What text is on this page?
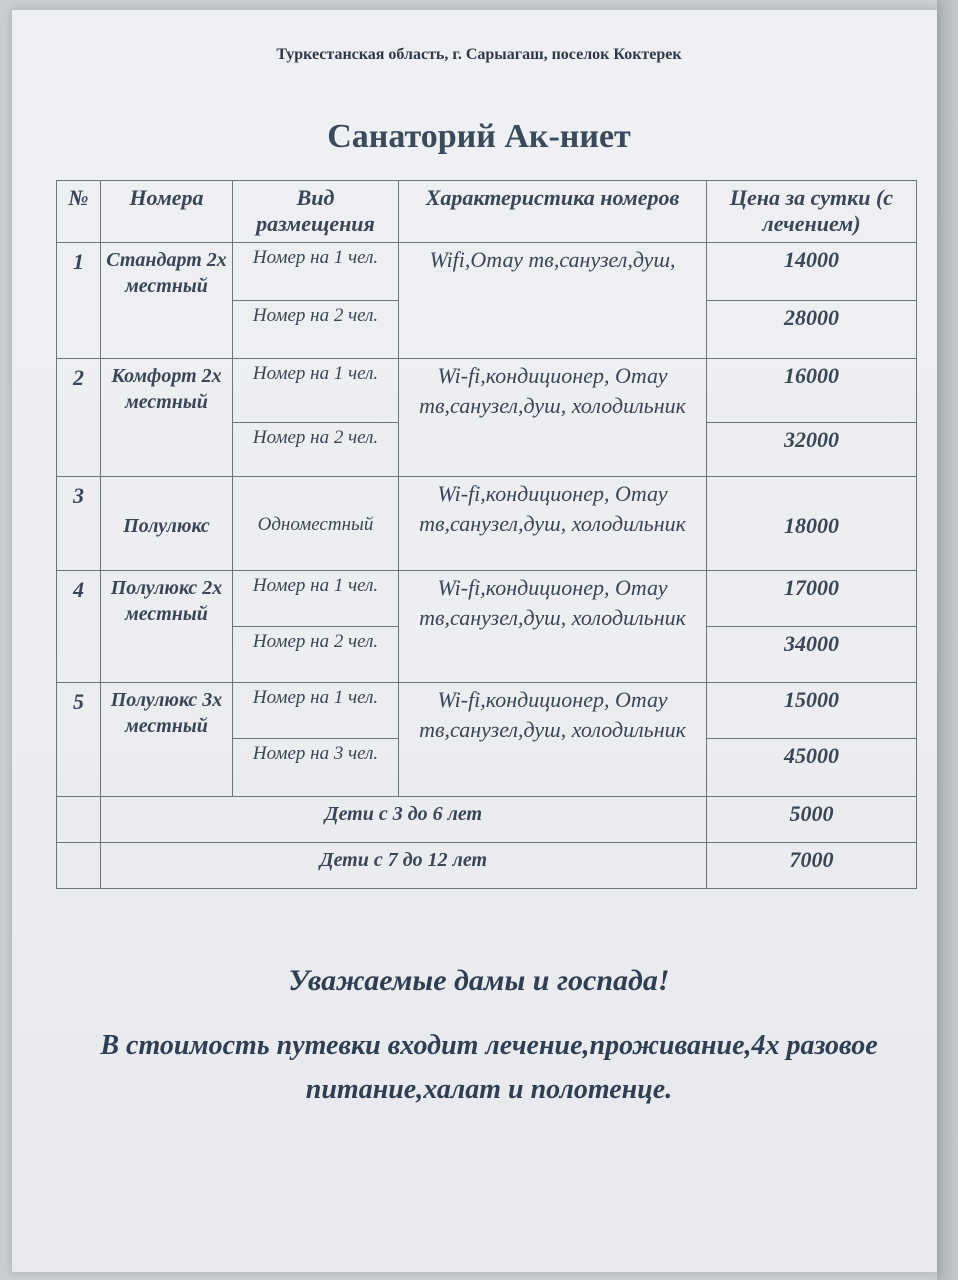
Туркестанская область, г. Сарыагаш, поселок Коктерек
Санаторий Ак-ниет
№	Номера	Вид размещения	Характеристика номеров	Цена за сутки (с лечением)
1	Стандарт 2х местный	Номер на 1 чел.	Wifi,Отау тв,санузел,душ,	14000
		Номер на 2 чел.		28000
2	Комфорт 2х местный	Номер на 1 чел.	Wi-fi,кондиционер, Отау тв,санузел,душ, холодильник	16000
		Номер на 2 чел.		32000
3	Полулюкс	Одноместный	Wi-fi,кондиционер, Отау тв,санузел,душ, холодильник	18000
4	Полулюкс 2х местный	Номер на 1 чел.	Wi-fi,кондиционер, Отау тв,санузел,душ, холодильник	17000
		Номер на 2 чел.		34000
5	Полулюкс 3х местный	Номер на 1 чел.	Wi-fi,кондиционер, Отау тв,санузел,душ, холодильник	15000
		Номер на 3 чел.		45000
	Дети с 3 до 6 лет			5000
	Дети с 7 до 12 лет			7000
Уважаемые дамы и госпада!
В стоимость путевки входит лечение,проживание,4х разовое питание,халат и полотенце.
